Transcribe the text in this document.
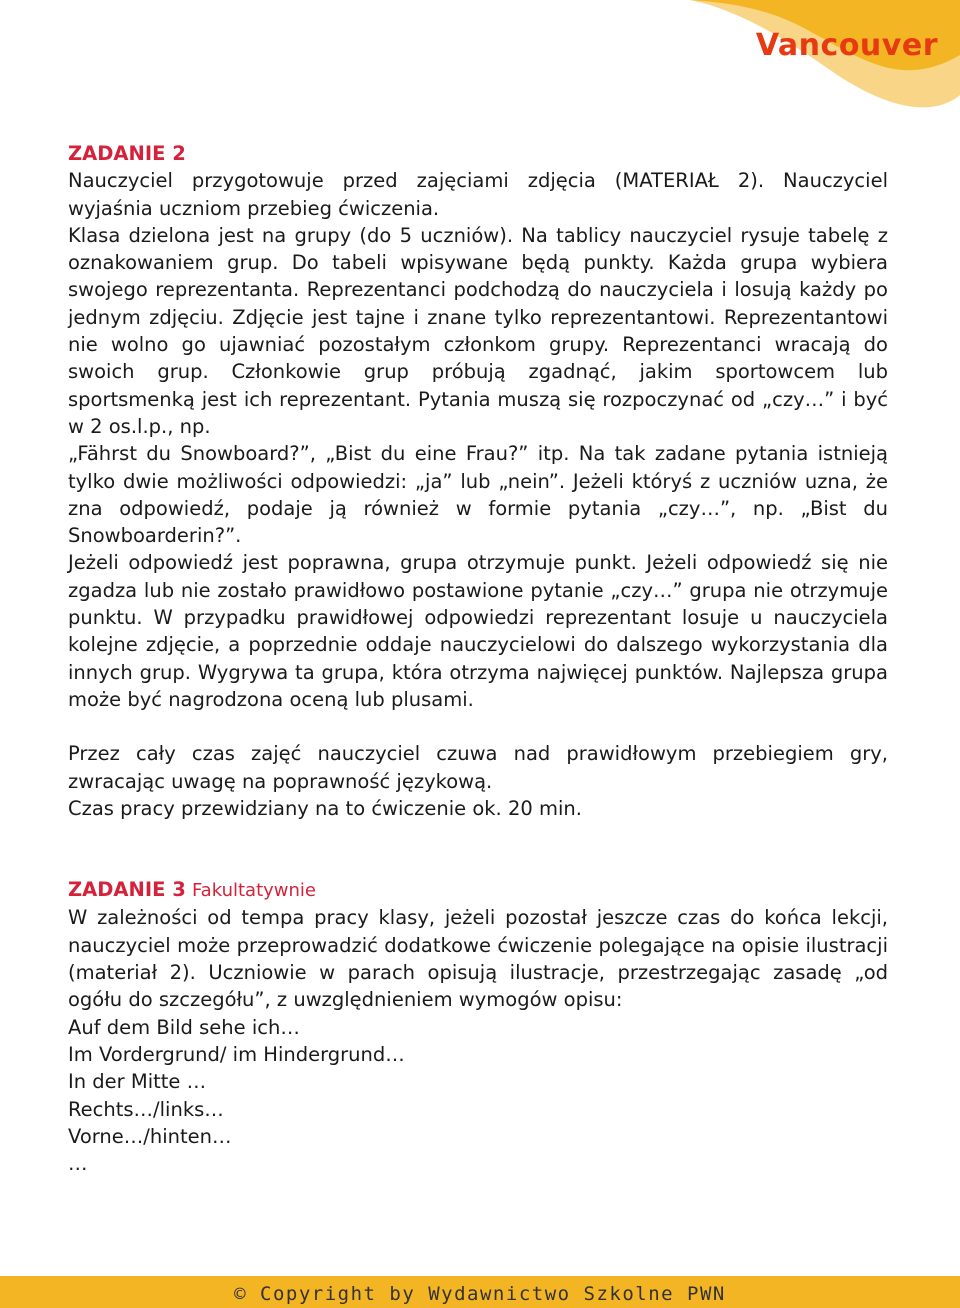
Vancouver
ZADANIE 2

Nauczyciel przygotowuje przed zajęciami zdjęcia (MATERIAŁ 2). Nauczyciel wyjaśnia uczniom przebieg ćwiczenia.

Klasa dzielona jest na grupy (do 5 uczniów). Na tablicy nauczyciel rysuje tabelę z oznakowaniem grup. Do tabeli wpisywane będą punkty. Każda grupa wybiera swojego reprezentanta. Reprezentanci podchodzą do nauczyciela i losują każdy po jednym zdjęciu. Zdjęcie jest tajne i znane tylko reprezentantowi. Reprezentantowi nie wolno go ujawniać pozostałym członkom grupy. Reprezentanci wracają do swoich grup. Członkowie grup próbują zgadnąć, jakim sportowcem lub sportsmenką jest ich reprezentant. Pytania muszą się rozpoczynać od „czy…” i być w 2 os.l.p., np.

„Fährst du Snowboard?”, „Bist du eine Frau?” itp. Na tak zadane pytania istnieją tylko dwie możliwości odpowiedzi: „ja” lub „nein”. Jeżeli któryś z uczniów uzna, że zna odpowiedź, podaje ją również w formie pytania „czy…”, np. „Bist du Snowboarderin?”.

Jeżeli odpowiedź jest poprawna, grupa otrzymuje punkt. Jeżeli odpowiedź się nie zgadza lub nie zostało prawidłowo postawione pytanie „czy…” grupa nie otrzymuje punktu. W przypadku prawidłowej odpowiedzi reprezentant losuje u nauczyciela kolejne zdjęcie, a poprzednie oddaje nauczycielowi do dalszego wykorzystania dla innych grup. Wygrywa ta grupa, która otrzyma najwięcej punktów. Najlepsza grupa może być nagrodzona oceną lub plusami.

Przez cały czas zajęć nauczyciel czuwa nad prawidłowym przebiegiem gry, zwracając uwagę na poprawność językową.

Czas pracy przewidziany na to ćwiczenie ok. 20 min.

ZADANIE 3 Fakultatywnie

W zależności od tempa pracy klasy, jeżeli pozostał jeszcze czas do końca lekcji, nauczyciel może przeprowadzić dodatkowe ćwiczenie polegające na opisie ilustracji (materiał 2). Uczniowie w parach opisują ilustracje, przestrzegając zasadę „od ogółu do szczegółu”, z uwzględnieniem wymogów opisu:

Auf dem Bild sehe ich…
Im Vordergrund/ im Hindergrund…
In der Mitte …
Rechts…/links…
Vorne…/hinten…
…
© Copyright by Wydawnictwo Szkolne PWN
